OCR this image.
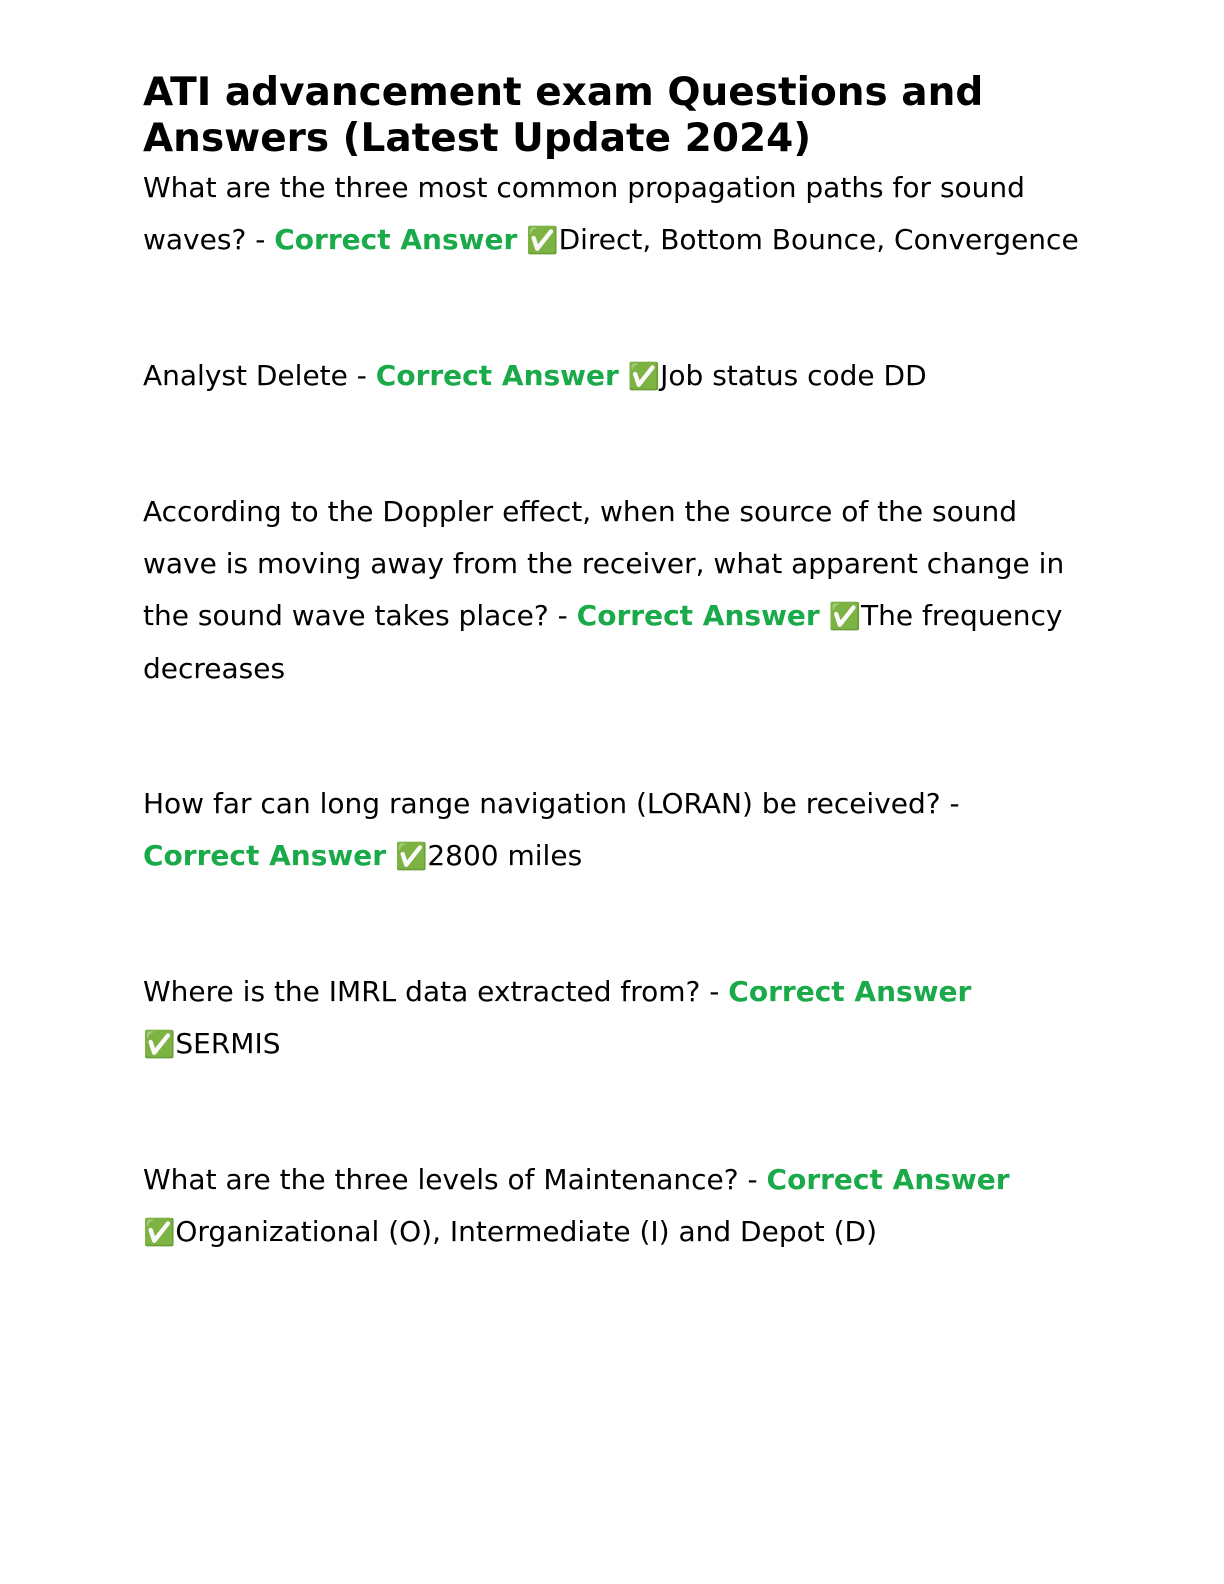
ATI advancement exam Questions and Answers (Latest Update 2024)

What are the three most common propagation paths for sound waves? - Correct Answer ✅Direct, Bottom Bounce, Convergence

Analyst Delete - Correct Answer ✅Job status code DD

According to the Doppler effect, when the source of the sound wave is moving away from the receiver, what apparent change in the sound wave takes place? - Correct Answer ✅The frequency decreases

How far can long range navigation (LORAN) be received? - Correct Answer ✅2800 miles

Where is the IMRL data extracted from? - Correct Answer ✅SERMIS

What are the three levels of Maintenance? - Correct Answer ✅Organizational (O), Intermediate (I) and Depot (D)
